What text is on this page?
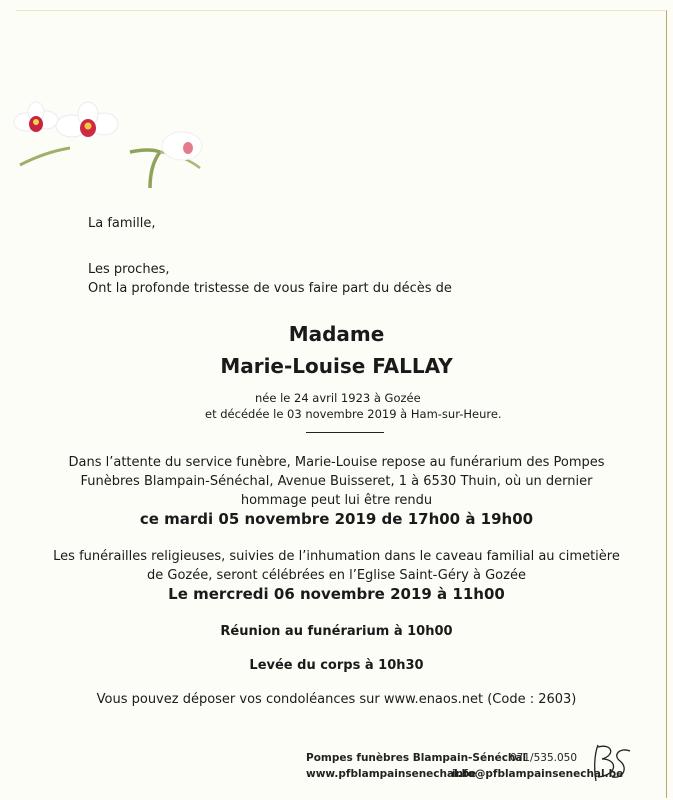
La famille,

Les proches,

Ont la profonde tristesse de vous faire part du décès de

Madame

Marie-Louise FALLAY

née le 24 avril 1923 à Gozée

et décédée le 03 novembre 2019 à Ham-sur-Heure.

Dans l’attente du service funèbre, Marie-Louise repose au funérarium des Pompes

Funèbres Blampain-Sénéchal, Avenue Buisseret, 1 à 6530 Thuin, où un dernier

hommage peut lui être rendu

ce mardi 05 novembre 2019 de 17h00 à 19h00

Les funérailles religieuses, suivies de l’inhumation dans le caveau familial au cimetière

de Gozée, seront célébrées en l’Eglise Saint-Géry à Gozée

Le mercredi 06 novembre 2019 à 11h00

Réunion au funérarium à 10h00

Levée du corps à 10h30

Vous pouvez déposer vos condoléances sur www.enaos.net (Code : 2603)

Pompes funèbres Blampain-Sénéchal
071/535.050
www.pfblampainsenechal.be
info@pfblampainsenechal.be
